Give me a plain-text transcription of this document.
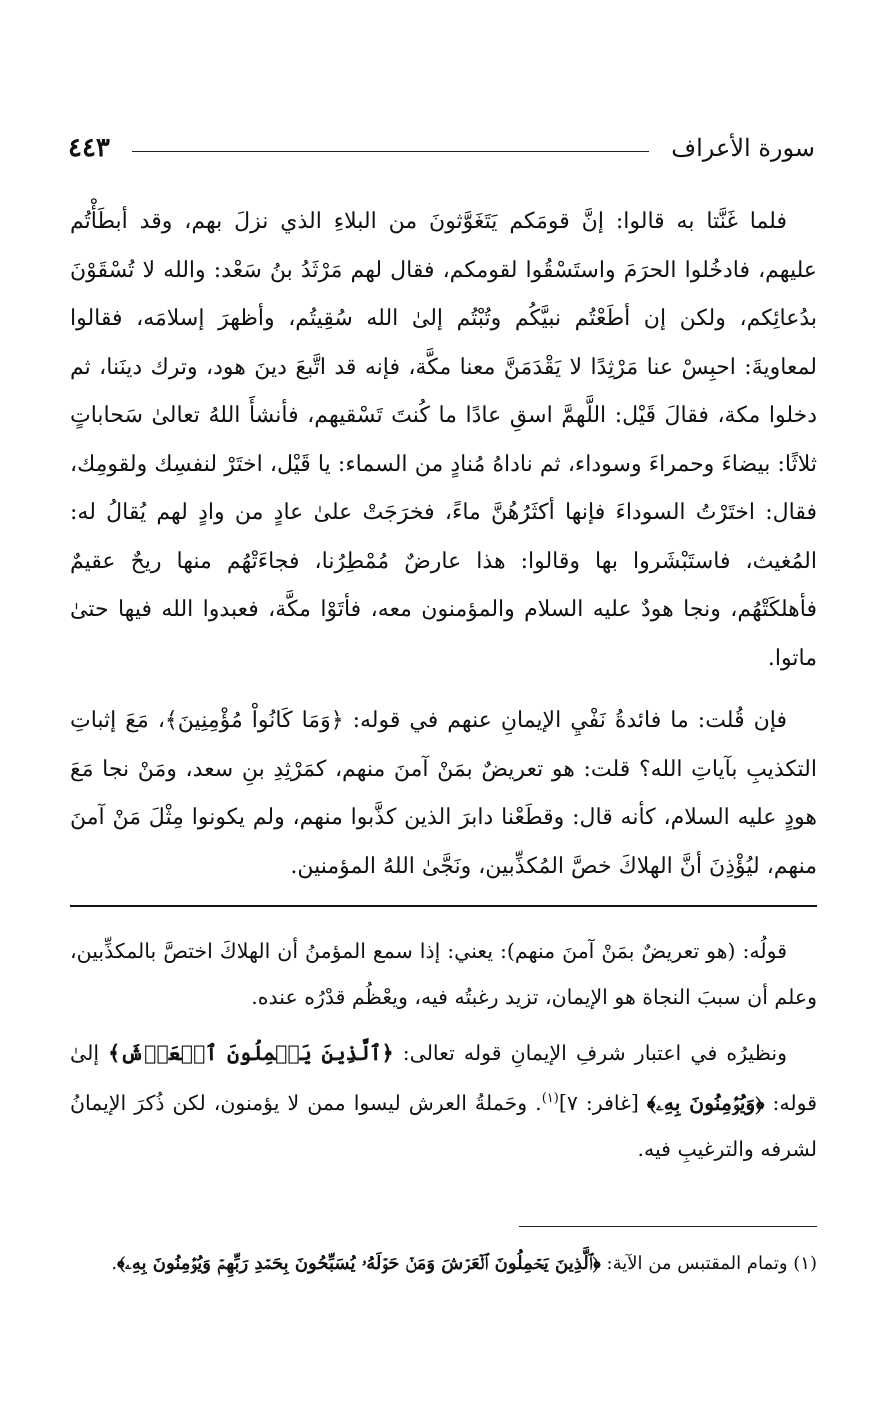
سورة الأعراف
٤٤٣

فلما غَنَّتا به قالوا: إنَّ قومَكم يَتَغَوَّثونَ من البلاءِ الذي نزلَ بهم، وقد أبطَأْتُم عليهم، فادخُلوا الحرَمَ واستَسْقُوا لقومكم، فقال لهم مَرْثَدُ بنُ سَعْد: والله لا تُسْقَوْنَ بدُعائِكم، ولكن إن أطَعْتُم نبيَّكُم وتُبْتُم إلىٰ الله سُقِيتُم، وأظهرَ إسلامَه، فقالوا لمعاويةَ: احبِسْ عنا مَرْثِدًا لا يَقْدَمَنَّ معنا مكَّة، فإنه قد اتَّبعَ دينَ هود، وترك دينَنا، ثم دخلوا مكة، فقالَ قَيْل: اللَّهمَّ اسقِ عادًا ما كُنتَ تَسْقيهم، فأنشأَ اللهُ تعالىٰ سَحاباتٍ ثلاثًا: بيضاءَ وحمراءَ وسوداء، ثم ناداهُ مُنادٍ من السماء: يا قَيْل، اختَرْ لنفسِك ولقومِك، فقال: اختَرْتُ السوداءَ فإنها أكثَرُهُنَّ ماءً، فخرَجَتْ علىٰ عادٍ من وادٍ لهم يُقالُ له: المُغيث، فاستَبْشَروا بها وقالوا: هذا عارضٌ مُمْطِرُنا، فجاءَتْهُم منها ريحٌ عقيمٌ فأهلكَتْهُم، ونجا هودٌ عليه السلام والمؤمنون معه، فأتَوْا مكَّة، فعبدوا الله فيها حتىٰ ماتوا.

فإن قُلت: ما فائدةُ نَفْيِ الإيمانِ عنهم في قوله: ﴿وَمَا كَانُواْ مُؤْمِنِينَ﴾، مَعَ إثباتِ التكذيبِ بآياتِ الله؟ قلت: هو تعريضٌ بمَنْ آمنَ منهم، كمَرْثِدِ بنِ سعد، ومَنْ نجا مَعَ هودٍ عليه السلام، كأنه قال: وقطَعْنا دابرَ الذين كذَّبوا منهم، ولم يكونوا مِثْلَ مَنْ آمنَ منهم، ليُؤْذِنَ أنَّ الهلاكَ خصَّ المُكذِّبين، ونَجَّىٰ اللهُ المؤمنين.

قولُه: (هو تعريضٌ بمَنْ آمنَ منهم): يعني: إذا سمع المؤمنُ أن الهلاكَ اختصَّ بالمكذِّبين، وعلم أن سببَ النجاة هو الإيمان، تزيد رغبتُه فيه، ويعْظُم قدْرُه عنده.

ونظيرُه في اعتبار شرفِ الإيمانِ قوله تعالى: ﴿ٱلَّذِينَ يَحۡمِلُونَ ٱلۡعَرۡشَ﴾ إلىٰ قوله: ﴿وَيُؤۡمِنُونَ بِهِۦ﴾ [غافر: ٧]$^{(١)}$. وحَملةُ العرش ليسوا ممن لا يؤمنون، لكن ذُكرَ الإيمانُ لشرفه والترغيبِ فيه.

(١) وتمام المقتبس من الآية: ﴿ٱلَّذِينَ يَحۡمِلُونَ ٱلۡعَرۡشَ وَمَنۡ حَوۡلَهُۥ يُسَبِّحُونَ بِحَمۡدِ رَبِّهِمۡ وَيُؤۡمِنُونَ بِهِۦ﴾.
